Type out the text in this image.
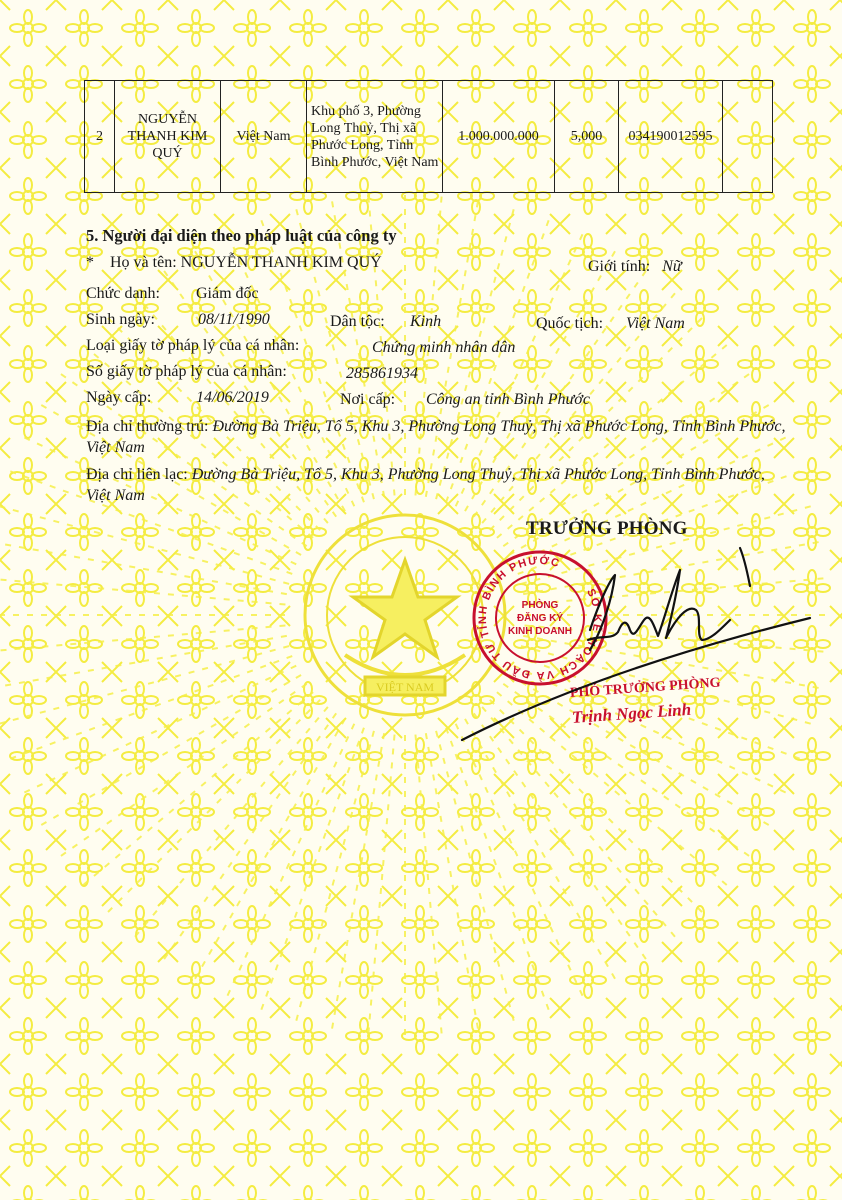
VIỆT NAM
2	NGUYỄN THANH KIM QUÝ	Việt Nam	Khu phố 3, Phường Long Thuỷ, Thị xã Phước Long, Tỉnh Bình Phước, Việt Nam	1.000.000.000	5,000	034190012595	
5. Người đại diện theo pháp luật của công ty
* Họ và tên: NGUYỄN THANH KIM QUÝ	Giới tính: Nữ
Chức danh: Giám đốc
Sinh ngày:	08/11/1990	Dân tộc: Kinh	Quốc tịch: Việt Nam
Loại giấy tờ pháp lý của cá nhân:	Chứng minh nhân dân
Số giấy tờ pháp lý của cá nhân:	285861934
Ngày cấp:	14/06/2019	Nơi cấp: Công an tỉnh Bình Phước
Địa chỉ thường trú: Đường Bà Triệu, Tổ 5, Khu 3, Phường Long Thuỷ, Thị xã Phước Long, Tỉnh Bình Phước, Việt Nam
Địa chỉ liên lạc: Đường Bà Triệu, Tổ 5, Khu 3, Phường Long Thuỷ, Thị xã Phước Long, Tỉnh Bình Phước, Việt Nam
TRƯỞNG PHÒNG
SỞ KẾ HOẠCH VÀ ĐẦU TƯ TỈNH BÌNH PHƯỚC
PHÒNG
ĐĂNG KÝ
KINH DOANH
PHÓ TRƯỞNG PHÒNG
Trịnh Ngọc Linh
